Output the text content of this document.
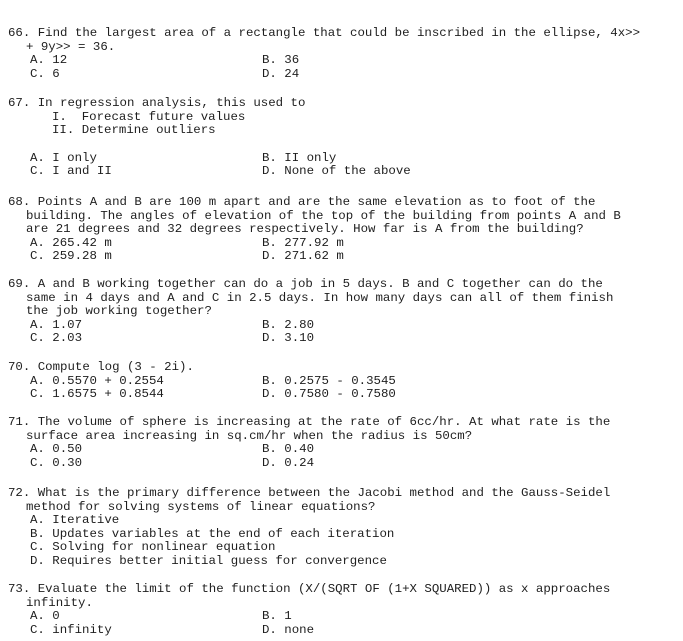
66. Find the largest area of a rectangle that could be inscribed in the ellipse, 4x>>
+ 9y>> = 36.
A. 12	B. 36
C. 6	D. 24
67. In regression analysis, this used to
I.  Forecast future values
II. Determine outliers
A. I only	B. II only
C. I and II	D. None of the above
68. Points A and B are 100 m apart and are the same elevation as to foot of the
building. The angles of elevation of the top of the building from points A and B
are 21 degrees and 32 degrees respectively. How far is A from the building?
A. 265.42 m	B. 277.92 m
C. 259.28 m	D. 271.62 m
69. A and B working together can do a job in 5 days. B and C together can do the
same in 4 days and A and C in 2.5 days. In how many days can all of them finish
the job working together?
A. 1.07	B. 2.80
C. 2.03	D. 3.10
70. Compute log (3 - 2i).
A. 0.5570 + 0.2554	B. 0.2575 - 0.3545
C. 1.6575 + 0.8544	D. 0.7580 - 0.7580
71. The volume of sphere is increasing at the rate of 6cc/hr. At what rate is the
surface area increasing in sq.cm/hr when the radius is 50cm?
A. 0.50	B. 0.40
C. 0.30	D. 0.24
72. What is the primary difference between the Jacobi method and the Gauss-Seidel
method for solving systems of linear equations?
A. Iterative
B. Updates variables at the end of each iteration
C. Solving for nonlinear equation
D. Requires better initial guess for convergence
73. Evaluate the limit of the function (X/(SQRT OF (1+X SQUARED)) as x approaches
infinity.
A. 0	B. 1
C. infinity	D. none
